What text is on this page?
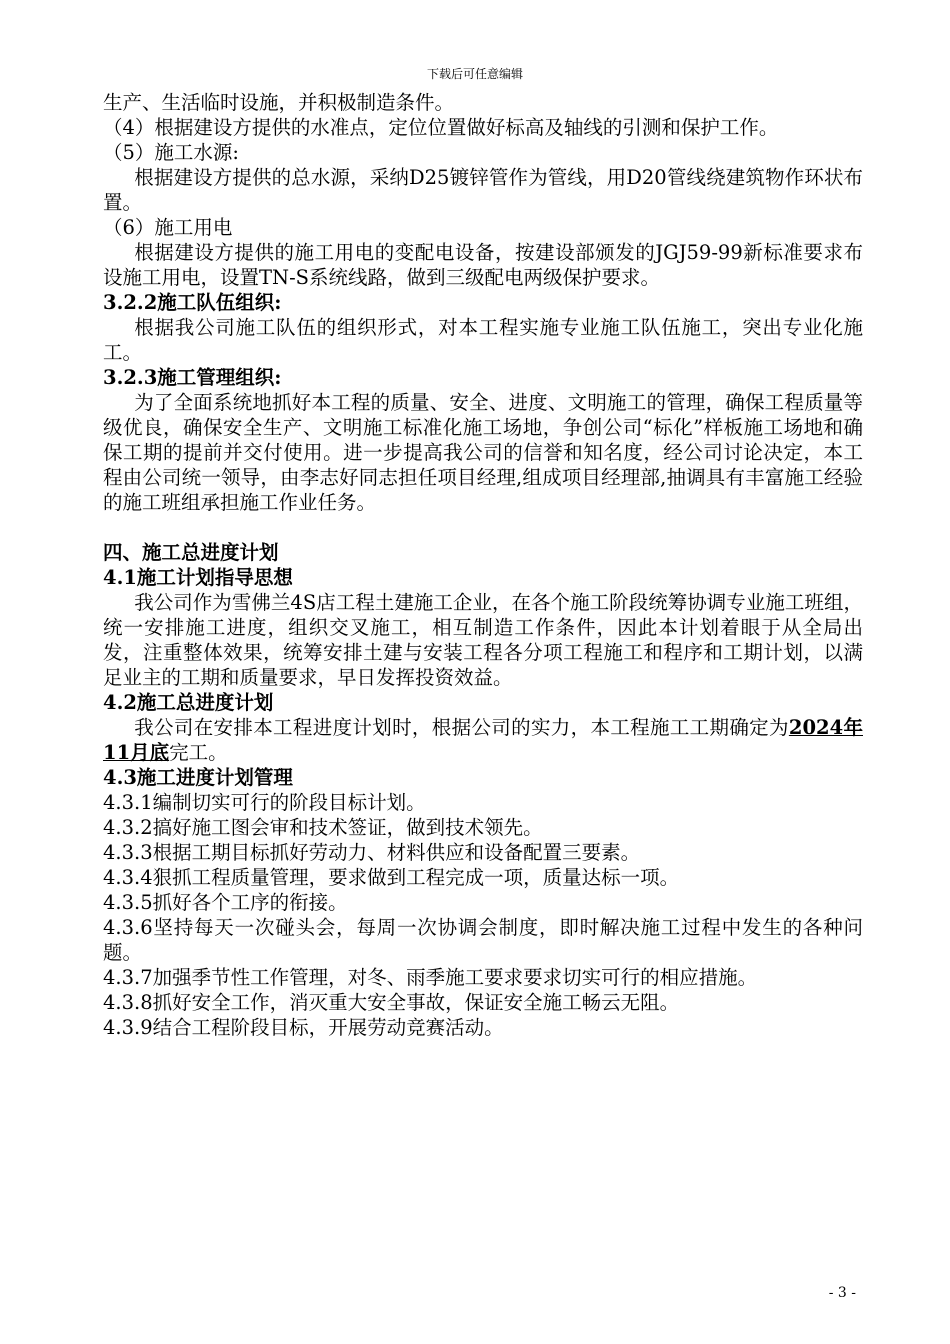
下载后可任意编辑

生产、生活临时设施，并积极制造条件。

（4）根据建设方提供的水准点，定位位置做好标高及轴线的引测和保护工作。

（5）施工水源:

根据建设方提供的总水源，采纳D25镀锌管作为管线，用D20管线绕建筑物作环状布置。

（6）施工用电

根据建设方提供的施工用电的变配电设备，按建设部颁发的JGJ59-99新标准要求布设施工用电，设置TN-S系统线路，做到三级配电两级保护要求。

3.2.2施工队伍组织:

根据我公司施工队伍的组织形式，对本工程实施专业施工队伍施工，突出专业化施工。

3.2.3施工管理组织:

为了全面系统地抓好本工程的质量、安全、进度、文明施工的管理，确保工程质量等级优良，确保安全生产、文明施工标准化施工场地，争创公司“标化”样板施工场地和确保工期的提前并交付使用。进一步提高我公司的信誉和知名度，经公司讨论决定，本工程由公司统一领导，由李志好同志担任项目经理,组成项目经理部,抽调具有丰富施工经验的施工班组承担施工作业任务。

四、施工总进度计划

4.1施工计划指导思想

我公司作为雪佛兰4S店工程土建施工企业，在各个施工阶段统筹协调专业施工班组，统一安排施工进度，组织交叉施工，相互制造工作条件，因此本计划着眼于从全局出发，注重整体效果，统筹安排土建与安装工程各分项工程施工和程序和工期计划，以满足业主的工期和质量要求，早日发挥投资效益。

4.2施工总进度计划

我公司在安排本工程进度计划时，根据公司的实力，本工程施工工期确定为2024年11月底完工。

4.3施工进度计划管理

4.3.1编制切实可行的阶段目标计划。

4.3.2搞好施工图会审和技术签证，做到技术领先。

4.3.3根据工期目标抓好劳动力、材料供应和设备配置三要素。

4.3.4狠抓工程质量管理，要求做到工程完成一项，质量达标一项。

4.3.5抓好各个工序的衔接。

4.3.6坚持每天一次碰头会，每周一次协调会制度，即时解决施工过程中发生的各种问题。

4.3.7加强季节性工作管理，对冬、雨季施工要求要求切实可行的相应措施。

4.3.8抓好安全工作，消灭重大安全事故，保证安全施工畅云无阻。

4.3.9结合工程阶段目标，开展劳动竞赛活动。

- 3 -
